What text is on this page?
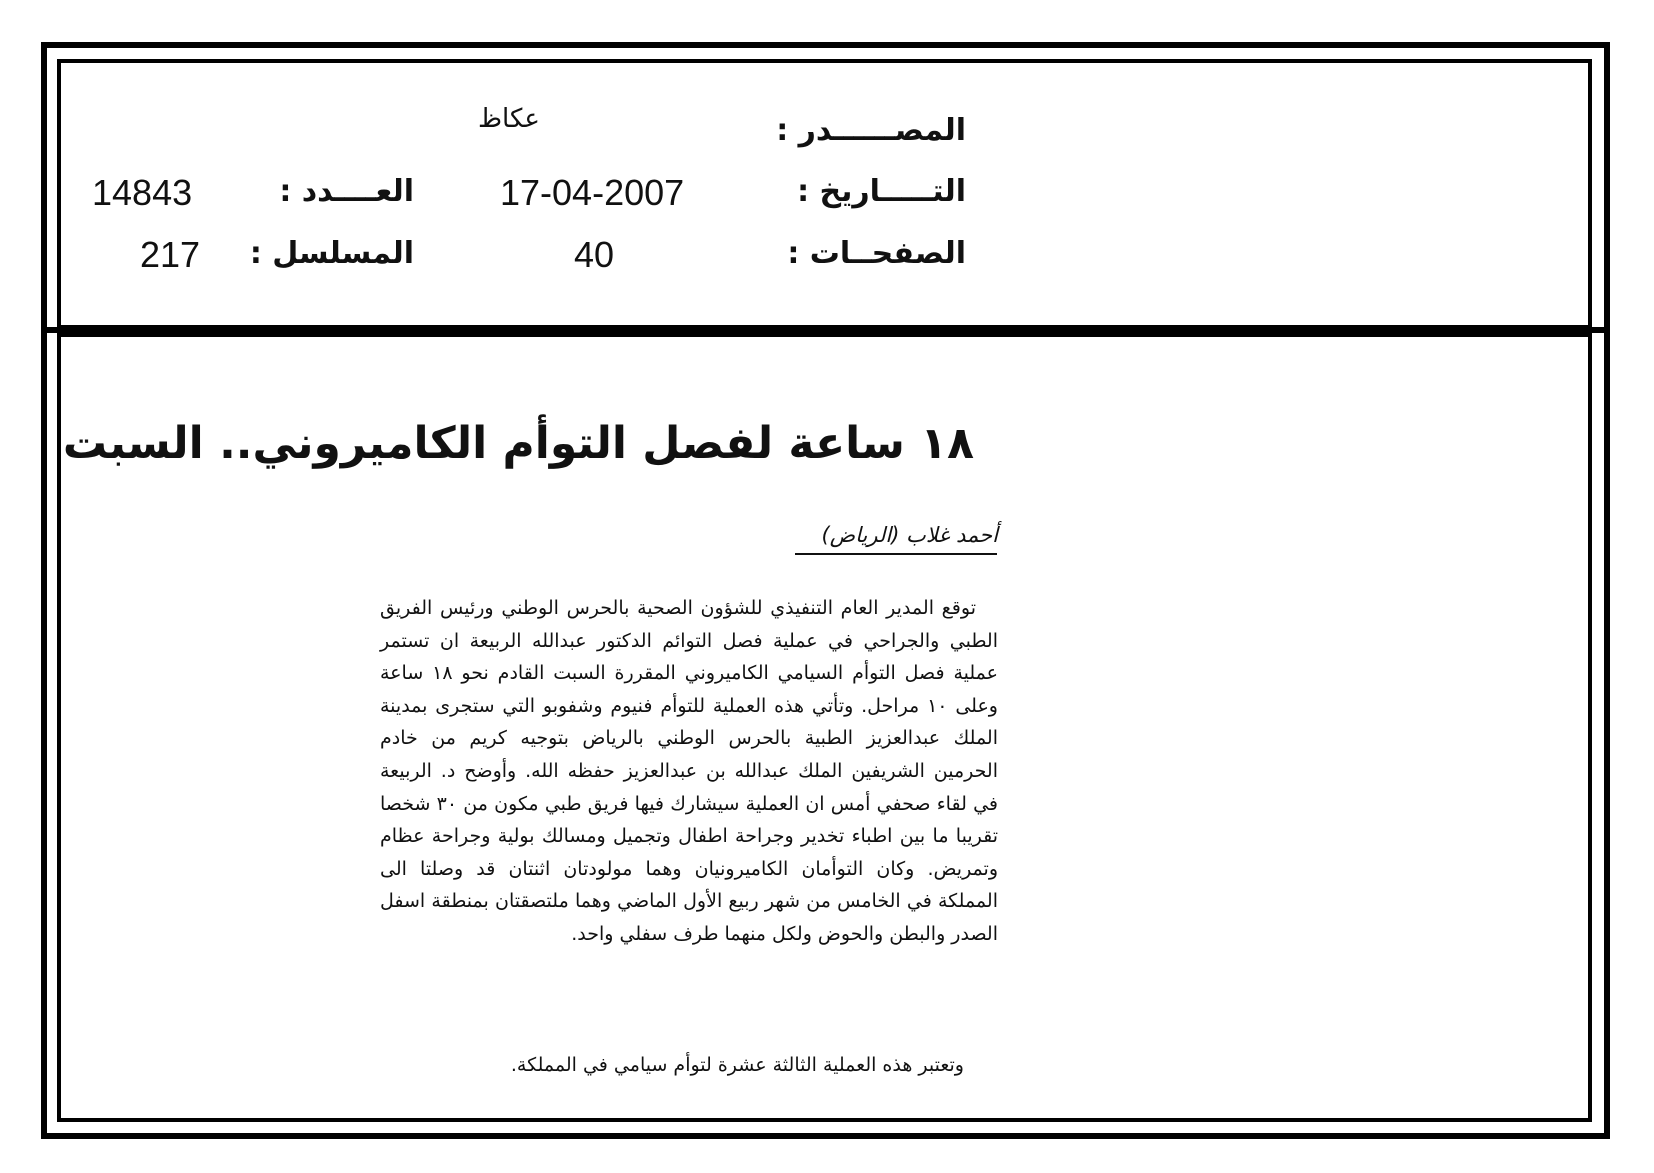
المصــــــدر :
عكاظ
التـــــاريخ :
17-04-2007
العــــدد :
14843
الصفحــات :
40
المسلسل :
217
١٨ ساعة لفصل التوأم الكاميروني.. السبت
أحمد غلاب (الرياض)

توقع المدير العام التنفيذي للشؤون الصحية بالحرس الوطني ورئيس الفريق الطبي والجراحي في عملية فصل التوائم الدكتور عبدالله الربيعة ان تستمر عملية فصل التوأم السيامي الكاميروني المقررة السبت القادم نحو ١٨ ساعة وعلى ١٠ مراحل. وتأتي هذه العملية للتوأم فنيوم وشفوبو التي ستجرى بمدينة الملك عبدالعزيز الطبية بالحرس الوطني بالرياض بتوجيه كريم من خادم الحرمين الشريفين الملك عبدالله بن عبدالعزيز حفظه الله. وأوضح د. الربيعة في لقاء صحفي أمس ان العملية سيشارك فيها فريق طبي مكون من ٣٠ شخصا تقريبا ما بين اطباء تخدير وجراحة اطفال وتجميل ومسالك بولية وجراحة عظام وتمريض. وكان التوأمان الكاميرونيان وهما مولودتان اثنتان قد وصلتا الى المملكة في الخامس من شهر ربيع الأول الماضي وهما ملتصقتان بمنطقة اسفل الصدر والبطن والحوض ولكل منهما طرف سفلي واحد.

وتعتبر هذه العملية الثالثة عشرة لتوأم سيامي في المملكة.
